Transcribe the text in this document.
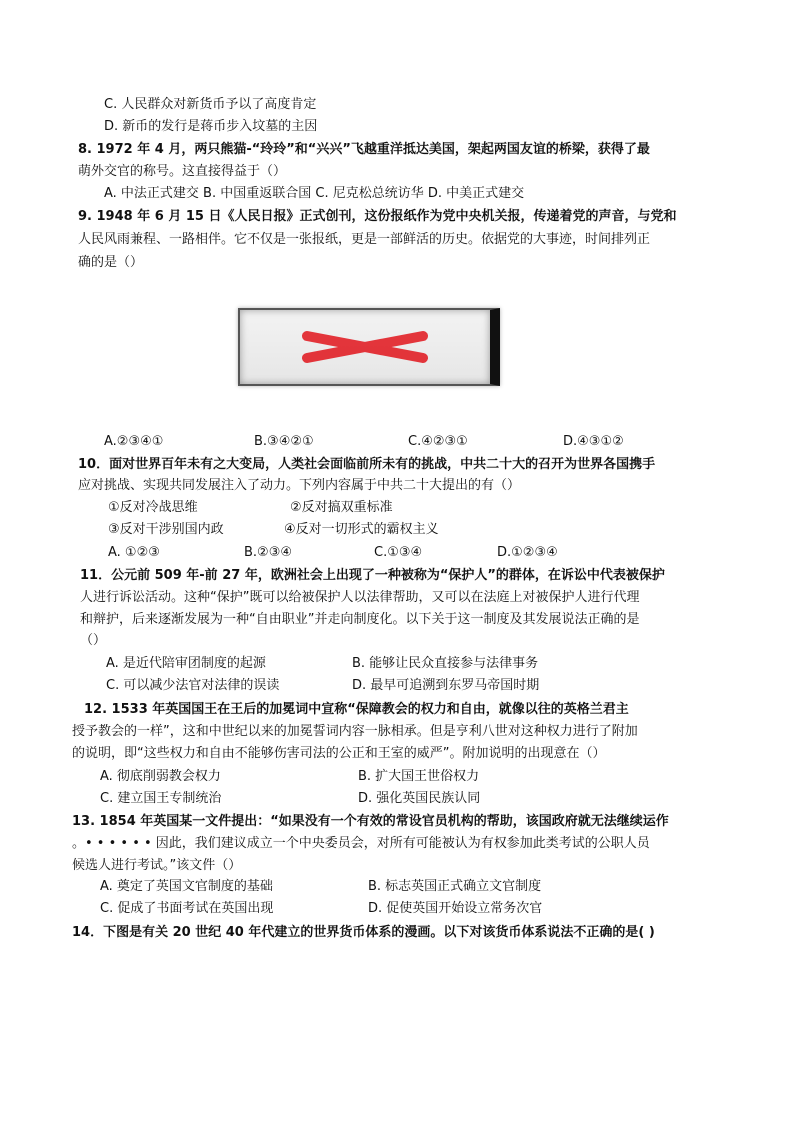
C. 人民群众对新货币予以了高度肯定
D. 新币的发行是蒋币步入坟墓的主因
8. 1972 年 4 月，两只熊猫-“玲玲”和“兴兴”飞越重洋抵达美国，架起两国友谊的桥梁，获得了最
萌外交官的称号。这直接得益于（）
A. 中法正式建交 B. 中国重返联合国 C. 尼克松总统访华 D. 中美正式建交
9. 1948 年 6 月 15 日《人民日报》正式创刊，这份报纸作为党中央机关报，传递着党的声音，与党和
人民风雨兼程、一路相伴。它不仅是一张报纸，更是一部鲜活的历史。依据党的大事迹，时间排列正
确的是（）
A.②③④①	B.③④②①	C.④②③①	D.④③①②
10．面对世界百年未有之大变局，人类社会面临前所未有的挑战，中共二十大的召开为世界各国携手
应对挑战、实现共同发展注入了动力。下列内容属于中共二十大提出的有（）
①反对冷战思维	②反对搞双重标准
③反对干涉别国内政	④反对一切形式的霸权主义
A. ①②③	B.②③④	C.①③④	D.①②③④
11．公元前 509 年-前 27 年，欧洲社会上出现了一种被称为“保护人”的群体，在诉讼中代表被保护
人进行诉讼活动。这种“保护”既可以给被保护人以法律帮助，又可以在法庭上对被保护人进行代理
和辩护，后来逐渐发展为一种“自由职业”并走向制度化。以下关于这一制度及其发展说法正确的是
（）
A. 是近代陪审团制度的起源	B. 能够让民众直接参与法律事务
C. 可以减少法官对法律的误读	D. 最早可追溯到东罗马帝国时期
12. 1533 年英国国王在王后的加冕词中宣称“保障教会的权力和自由，就像以往的英格兰君主
授予教会的一样”，这和中世纪以来的加冕誓词内容一脉相承。但是亨利八世对这种权力进行了附加
的说明，即“这些权力和自由不能够伤害司法的公正和王室的威严”。附加说明的出现意在（）
A. 彻底削弱教会权力	B. 扩大国王世俗权力
C. 建立国王专制统治	D. 强化英国民族认同
13. 1854 年英国某一文件提出：“如果没有一个有效的常设官员机构的帮助，该国政府就无法继续运作
。• • • • • • 因此，我们建议成立一个中央委员会，对所有可能被认为有权参加此类考试的公职人员
候选人进行考试。”该文件（）
A. 奠定了英国文官制度的基础	B. 标志英国正式确立文官制度
C. 促成了书面考试在英国出现	D. 促使英国开始设立常务次官
14．下图是有关 20 世纪 40 年代建立的世界货币体系的漫画。以下对该货币体系说法不正确的是( )
